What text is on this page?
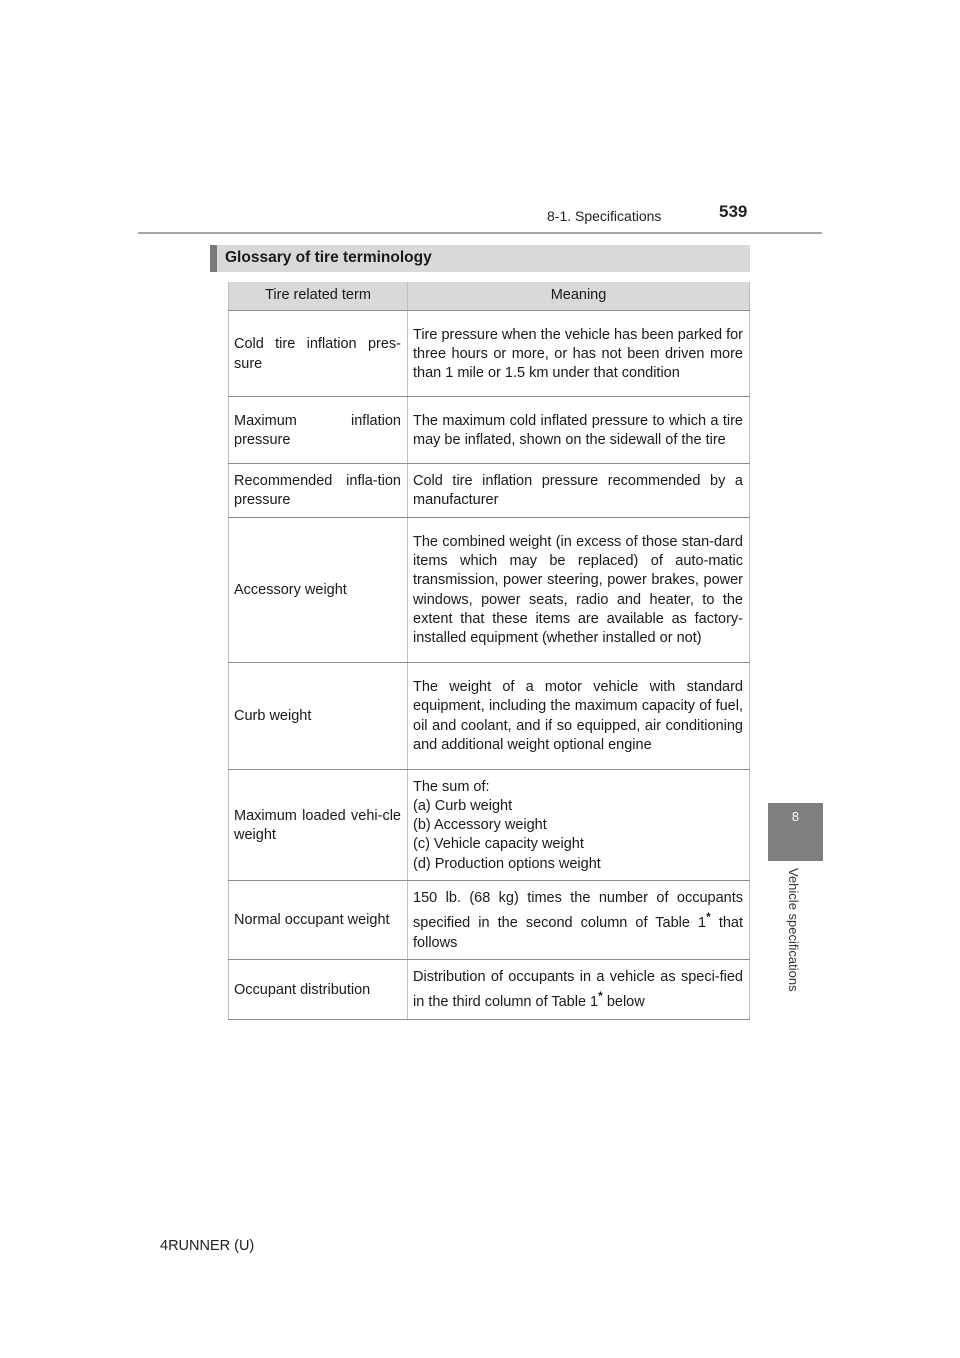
8-1. Specifications	539
Glossary of tire terminology
Tire related term	Meaning
Cold tire inflation pres-sure	Tire pressure when the vehicle has been parked for three hours or more, or has not been driven more than 1 mile or 1.5 km under that condition
Maximum inflation pressure	The maximum cold inflated pressure to which a tire may be inflated, shown on the sidewall of the tire
Recommended infla-tion pressure	Cold tire inflation pressure recommended by a manufacturer
Accessory weight	The combined weight (in excess of those stan-dard items which may be replaced) of auto-matic transmission, power steering, power brakes, power windows, power seats, radio and heater, to the extent that these items are available as factory-installed equipment (whether installed or not)
Curb weight	The weight of a motor vehicle with standard equipment, including the maximum capacity of fuel, oil and coolant, and if so equipped, air conditioning and additional weight optional engine
Maximum loaded vehi-cle weight	The sum of:
(a) Curb weight
(b) Accessory weight
(c) Vehicle capacity weight
(d) Production options weight

Normal occupant weight	150 lb. (68 kg) times the number of occupants specified in the second column of Table 1* that follows
Occupant distribution	Distribution of occupants in a vehicle as speci-fied in the third column of Table 1* below
8
Vehicle specifications
4RUNNER (U)
